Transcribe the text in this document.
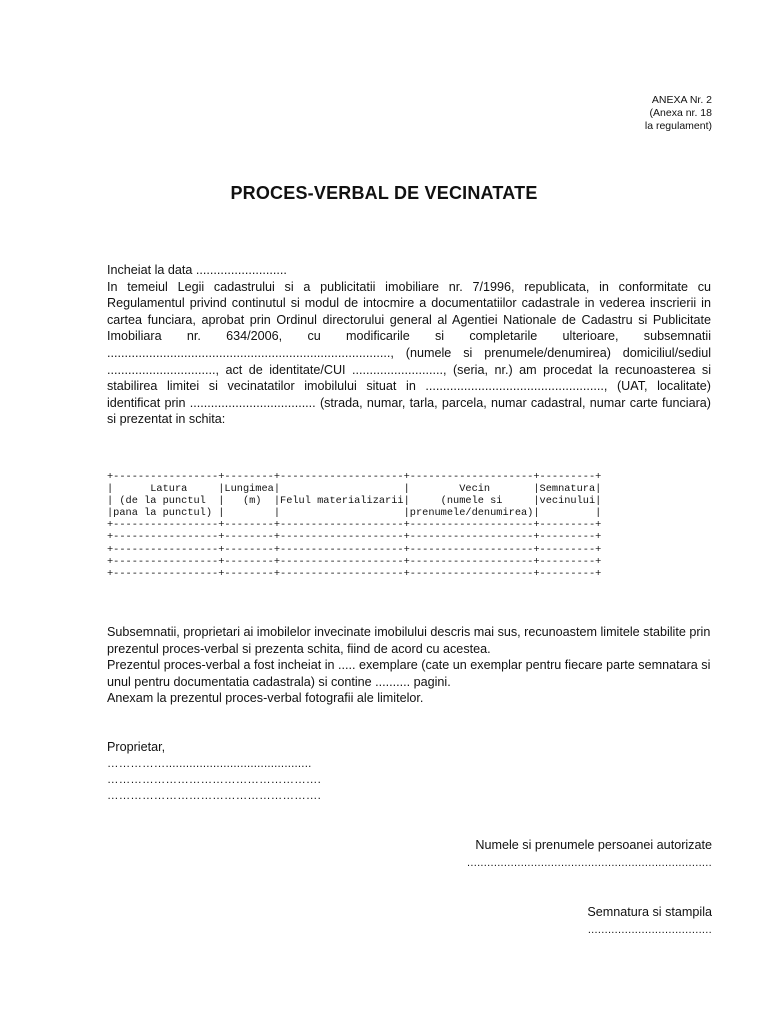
ANEXA Nr. 2
(Anexa nr. 18
la regulament)
PROCES-VERBAL DE VECINATATE

Incheiat la data ..........................

In temeiul Legii cadastrului si a publicitatii imobiliare nr. 7/1996, republicata, in conformitate cu Regulamentul privind continutul si modul de intocmire a documentatiilor cadastrale in vederea inscrierii in cartea funciara, aprobat prin Ordinul directorului general al Agentiei Nationale de Cadastru si Publicitate Imobiliara nr. 634/2006, cu modificarile si completarile ulterioare, subsemnatii ................................................................................., (numele si prenumele/denumirea) domiciliul/sediul ..............................., act de identitate/CUI .........................., (seria, nr.) am procedat la recunoasterea si stabilirea limitei si vecinatatilor imobilului situat in ..................................................., (UAT, localitate) identificat prin .................................... (strada, numar, tarla, parcela, numar cadastral, numar carte funciara) si prezentat in schita:

+-----------------+--------+--------------------+--------------------+---------+
|      Latura     |Lungimea|                    |        Vecin       |Semnatura|
| (de la punctul  |   (m)  |Felul materializarii|     (numele si     |vecinului|
|pana la punctul) |        |                    |prenumele/denumirea)|         |
+-----------------+--------+--------------------+--------------------+---------+
+-----------------+--------+--------------------+--------------------+---------+
+-----------------+--------+--------------------+--------------------+---------+
+-----------------+--------+--------------------+--------------------+---------+
+-----------------+--------+--------------------+--------------------+---------+

Subsemnatii, proprietari ai imobilelor invecinate imobilului descris mai sus, recunoastem limitele stabilite prin prezentul proces-verbal si prezenta schita, fiind de acord cu acestea.

Prezentul proces-verbal a fost incheiat in ..... exemplare (cate un exemplar pentru fiecare parte semnatara si unul pentru documentatia cadastrala) si contine .......... pagini.

Anexam la prezentul proces-verbal fotografii ale limitelor.

Proprietar,
……………...........................................
……………………………………………….
……………………………………………….
Numele si prenumele persoanei autorizate
.........................................................................
Semnatura si stampila
.....................................
